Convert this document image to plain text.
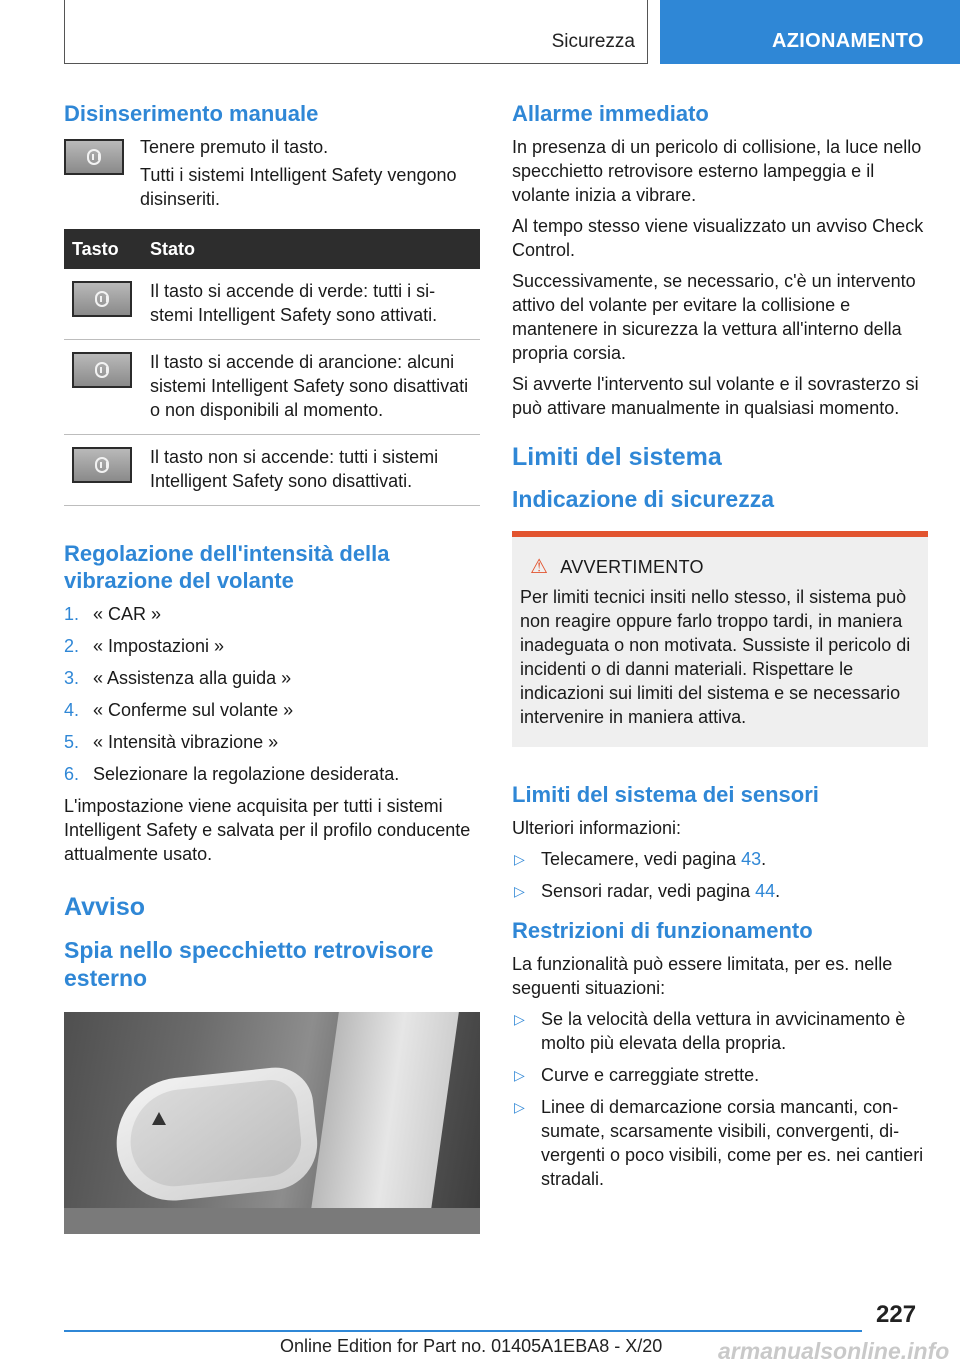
Sicurezza	AZIONAMENTO
Disinserimento manuale
Tenere premuto il tasto.
Tutti i sistemi Intelligent Safety vengono disinseriti.
Tasto	Stato

	Il tasto si accende di verde: tutti i sistemi Intelligent Safety sono attivati.

	Il tasto si accende di arancione: alcuni sistemi Intelligent Safety sono disattivati o non disponibili al momento.

	Il tasto non si accende: tutti i sistemi Intelligent Safety sono disattivati.
Regolazione dell'intensità della vibrazione del volante
1. « CAR »
2. « Impostazioni »
3. « Assistenza alla guida »
4. « Conferme sul volante »
5. « Intensità vibrazione »
6. Selezionare la regolazione desiderata.
L'impostazione viene acquisita per tutti i sistemi Intelligent Safety e salvata per il profilo conducente attualmente usato.
Avviso
Spia nello specchietto retrovisore esterno
Allarme immediato
In presenza di un pericolo di collisione, la luce nello specchietto retrovisore esterno lampeggia e il volante inizia a vibrare.
Al tempo stesso viene visualizzato un avviso Check Control.
Successivamente, se necessario, c'è un intervento attivo del volante per evitare la collisione e mantenere in sicurezza la vettura all'interno della propria corsia.
Si avverte l'intervento sul volante e il sovrasterzo si può attivare manualmente in qualsiasi momento.
Limiti del sistema
Indicazione di sicurezza
⚠ AVVERTIMENTO
Per limiti tecnici insiti nello stesso, il sistema può non reagire oppure farlo troppo tardi, in maniera inadeguata o non motivata. Sussiste il pericolo di incidenti o di danni materiali. Rispettare le indicazioni sui limiti del sistema e se necessario intervenire in maniera attiva.
Limiti del sistema dei sensori
Ulteriori informazioni:
▷ Telecamere, vedi pagina 43.
▷ Sensori radar, vedi pagina 44.
Restrizioni di funzionamento
La funzionalità può essere limitata, per es. nelle seguenti situazioni:
▷ Se la velocità della vettura in avvicinamento è molto più elevata della propria.
▷ Curve e carreggiate strette.
▷ Linee di demarcazione corsia mancanti, consumate, scarsamente visibili, convergenti, divergenti o poco visibili, come per es. nei cantieri stradali.
227
Online Edition for Part no. 01405A1EBA8 - X/20 armanualsonline.info
